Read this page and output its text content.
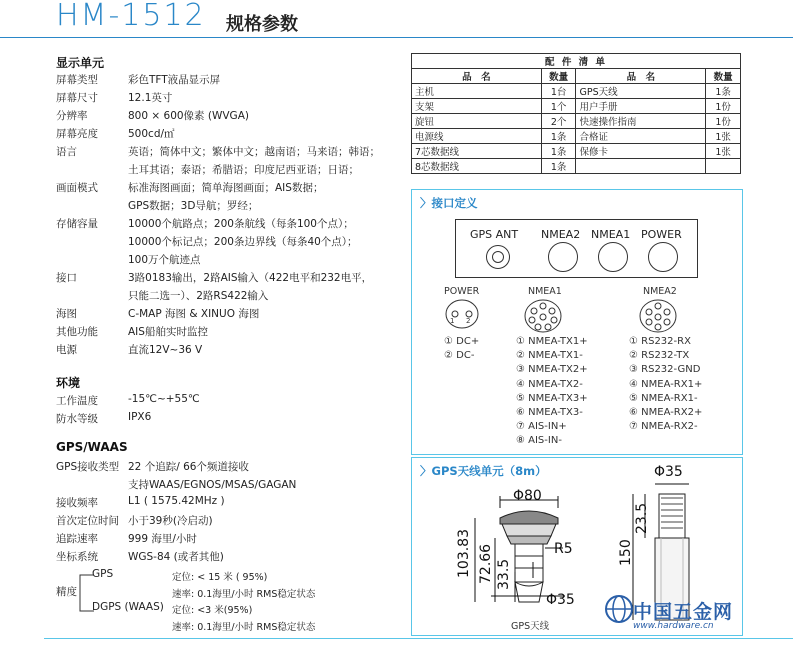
HM-1512 规格参数
显示单元
屏幕类型	彩色TFT液晶显示屏
屏幕尺寸	12.1英寸
分辨率	800 × 600像素 (WVGA)
屏幕亮度	500cd/㎡
语言	英语；简体中文；繁体中文；越南语；马来语；韩语；
土耳其语；泰语；希腊语；印度尼西亚语；日语；
画面模式	标准海图画面；简单海图画面；AIS数据；
GPS数据；3D导航；罗经；
存储容量	10000个航路点；200条航线（每条100个点）；
10000个标记点；200条边界线（每条40个点）；
100万个航迹点
接口	3路0183输出，2路AIS输入（422电平和232电平，
只能二选一）、2路RS422输入
海图	C-MAP 海图 & XINUO 海图
其他功能	AIS船舶实时监控
电源	直流12V~36 V
环境
工作温度	-15℃~+55℃
防水等级	IPX6
GPS/WAAS
GPS接收类型 22 个追踪/ 66个频道接收
支持WAAS/EGNOS/MSAS/GAGAN
接收频率	L1 ( 1575.42MHz )
首次定位时间 小于39秒(冷启动)
追踪速率	999 海里/小时
坐标系统	WGS-84 (或者其他)
精度
GPS
DGPS (WAAS)
定位: < 15 米 ( 95%)
速率: 0.1海里/小时 RMS稳定状态
定位: <3 米(95%)
速率: 0.1海里/小时 RMS稳定状态
配 件 清 单			
品　名	数量	品　名	数量
主机	1台	GPS天线	1条
支架	1个	用户手册	1份
旋钮	2个	快速操作指南	1份
电源线	1条	合格证	1张
7芯数据线	1条	保修卡	1张
8芯数据线	1条		
〉接口定义
GPS ANT NMEA2 NMEA1 POWER
POWER
1 2
NMEA1	NMEA2
① DC+
② DC-
① NMEA-TX1+
② NMEA-TX1-
③ NMEA-TX2+
④ NMEA-TX2-
⑤ NMEA-TX3+
⑥ NMEA-TX3-
⑦ AIS-IN+
⑧ AIS-IN-
① RS232-RX
② RS232-TX
③ RS232-GND
④ NMEA-RX1+
⑤ NMEA-RX1-
⑥ NMEA-RX2+
⑦ NMEA-RX2-
〉GPS天线单元（8m）
Φ80
R5
Φ35
Φ35
103.83 72.66 33.5
23.5
150
GPS天线
中国五金网
www.hardware.cn
